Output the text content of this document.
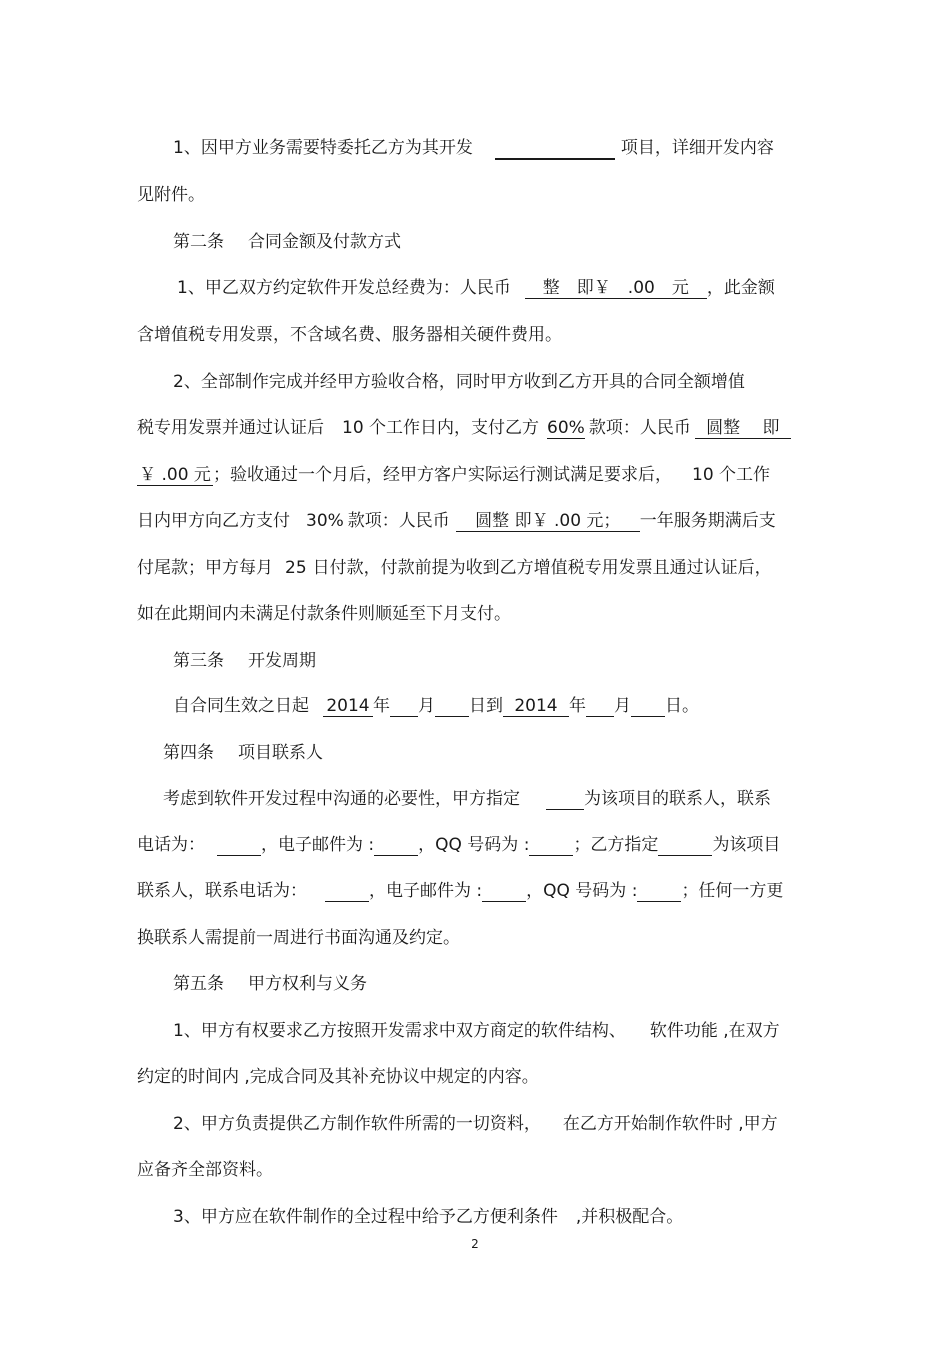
1、因甲方业务需要特委托乙方为其开发	项目，详细开发内容
见附件。
第二条 合同金额及付款方式
1、甲乙双方约定软件开发总经费为：人民币 整　即￥　.00　元 ，此金额
含增值税专用发票，不含域名费、服务器相关硬件费用。
2、全部制作完成并经甲方验收合格，同时甲方收到乙方开具的合同全额增值
税专用发票并通过认证后 10 个工作日内，支付乙方 60% 款项：人民币 圆整　 即
￥ .00 元 ；验收通过一个月后，经甲方客户实际运行测试满足要求后， 10 个工作
日内甲方向乙方支付 30% 款项：人民币 圆整 即￥ .00 元； 一年服务期满后支
付尾款；甲方每月 25 日付款，付款前提为收到乙方增值税专用发票且通过认证后，
如在此期间内未满足付款条件则顺延至下月支付。
第三条 开发周期
自合同生效之日起 2014 年 月 日到 2014 年 月 日。
第四条 项目联系人
考虑到软件开发过程中沟通的必要性，甲方指定	为该项目的联系人，联系
电话为：	，电子邮件为 :	，QQ 号码为 :	；乙方指定	为该项目
联系人，联系电话为：	，电子邮件为 :	，QQ 号码为 :	；任何一方更
换联系人需提前一周进行书面沟通及约定。
第五条 甲方权利与义务
1、甲方有权要求乙方按照开发需求中双方商定的软件结构、 软件功能 ,在双方
约定的时间内 ,完成合同及其补充协议中规定的内容。
2、甲方负责提供乙方制作软件所需的一切资料， 在乙方开始制作软件时 ,甲方
应备齐全部资料。
3、甲方应在软件制作的全过程中给予乙方便利条件 ,并积极配合。
2
